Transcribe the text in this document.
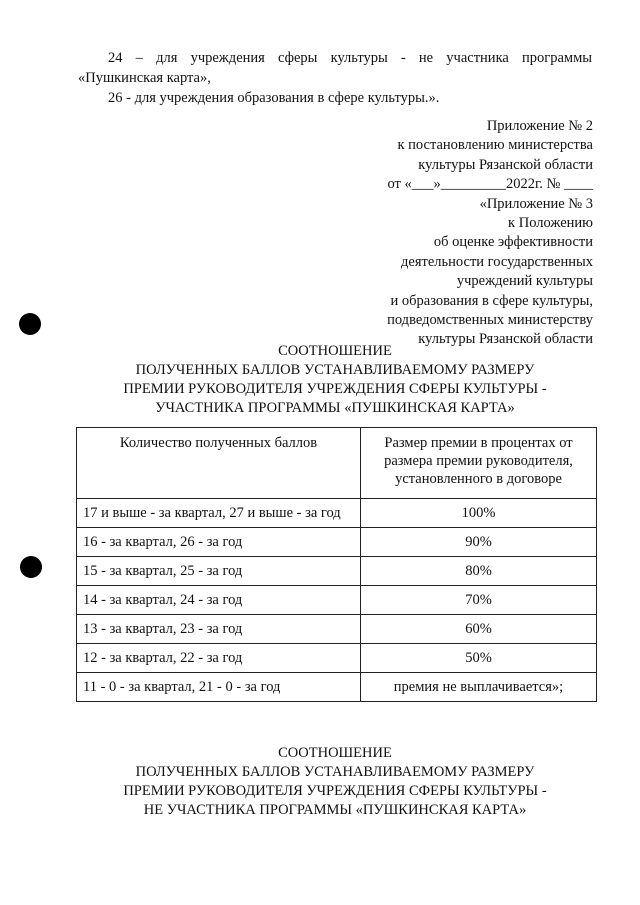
24 – для учреждения сферы культуры - не участника программы

«Пушкинская карта»,

26 - для учреждения образования в сфере культуры.».

Приложение № 2
к постановлению министерства
культуры Рязанской области
от «___»_________2022г. № ____
«Приложение № 3
к Положению
об оценке эффективности
деятельности государственных
учреждений культуры
и образования в сфере культуры,
подведомственных министерству
культуры Рязанской области
СООТНОШЕНИЕ
ПОЛУЧЕННЫХ БАЛЛОВ УСТАНАВЛИВАЕМОМУ РАЗМЕРУ
ПРЕМИИ РУКОВОДИТЕЛЯ УЧРЕЖДЕНИЯ СФЕРЫ КУЛЬТУРЫ -
УЧАСТНИКА ПРОГРАММЫ «ПУШКИНСКАЯ КАРТА»
Количество полученных баллов	Размер премии в процентах от размера премии руководителя, установленного в договоре
17 и выше - за квартал, 27 и выше - за год	100%
16 - за квартал, 26 - за год	90%
15 - за квартал, 25 - за год	80%
14 - за квартал, 24 - за год	70%
13 - за квартал, 23 - за год	60%
12 - за квартал, 22 - за год	50%
11 - 0 - за квартал, 21 - 0 - за год	премия не выплачивается»;
СООТНОШЕНИЕ
ПОЛУЧЕННЫХ БАЛЛОВ УСТАНАВЛИВАЕМОМУ РАЗМЕРУ
ПРЕМИИ РУКОВОДИТЕЛЯ УЧРЕЖДЕНИЯ СФЕРЫ КУЛЬТУРЫ -
НЕ УЧАСТНИКА ПРОГРАММЫ «ПУШКИНСКАЯ КАРТА»
